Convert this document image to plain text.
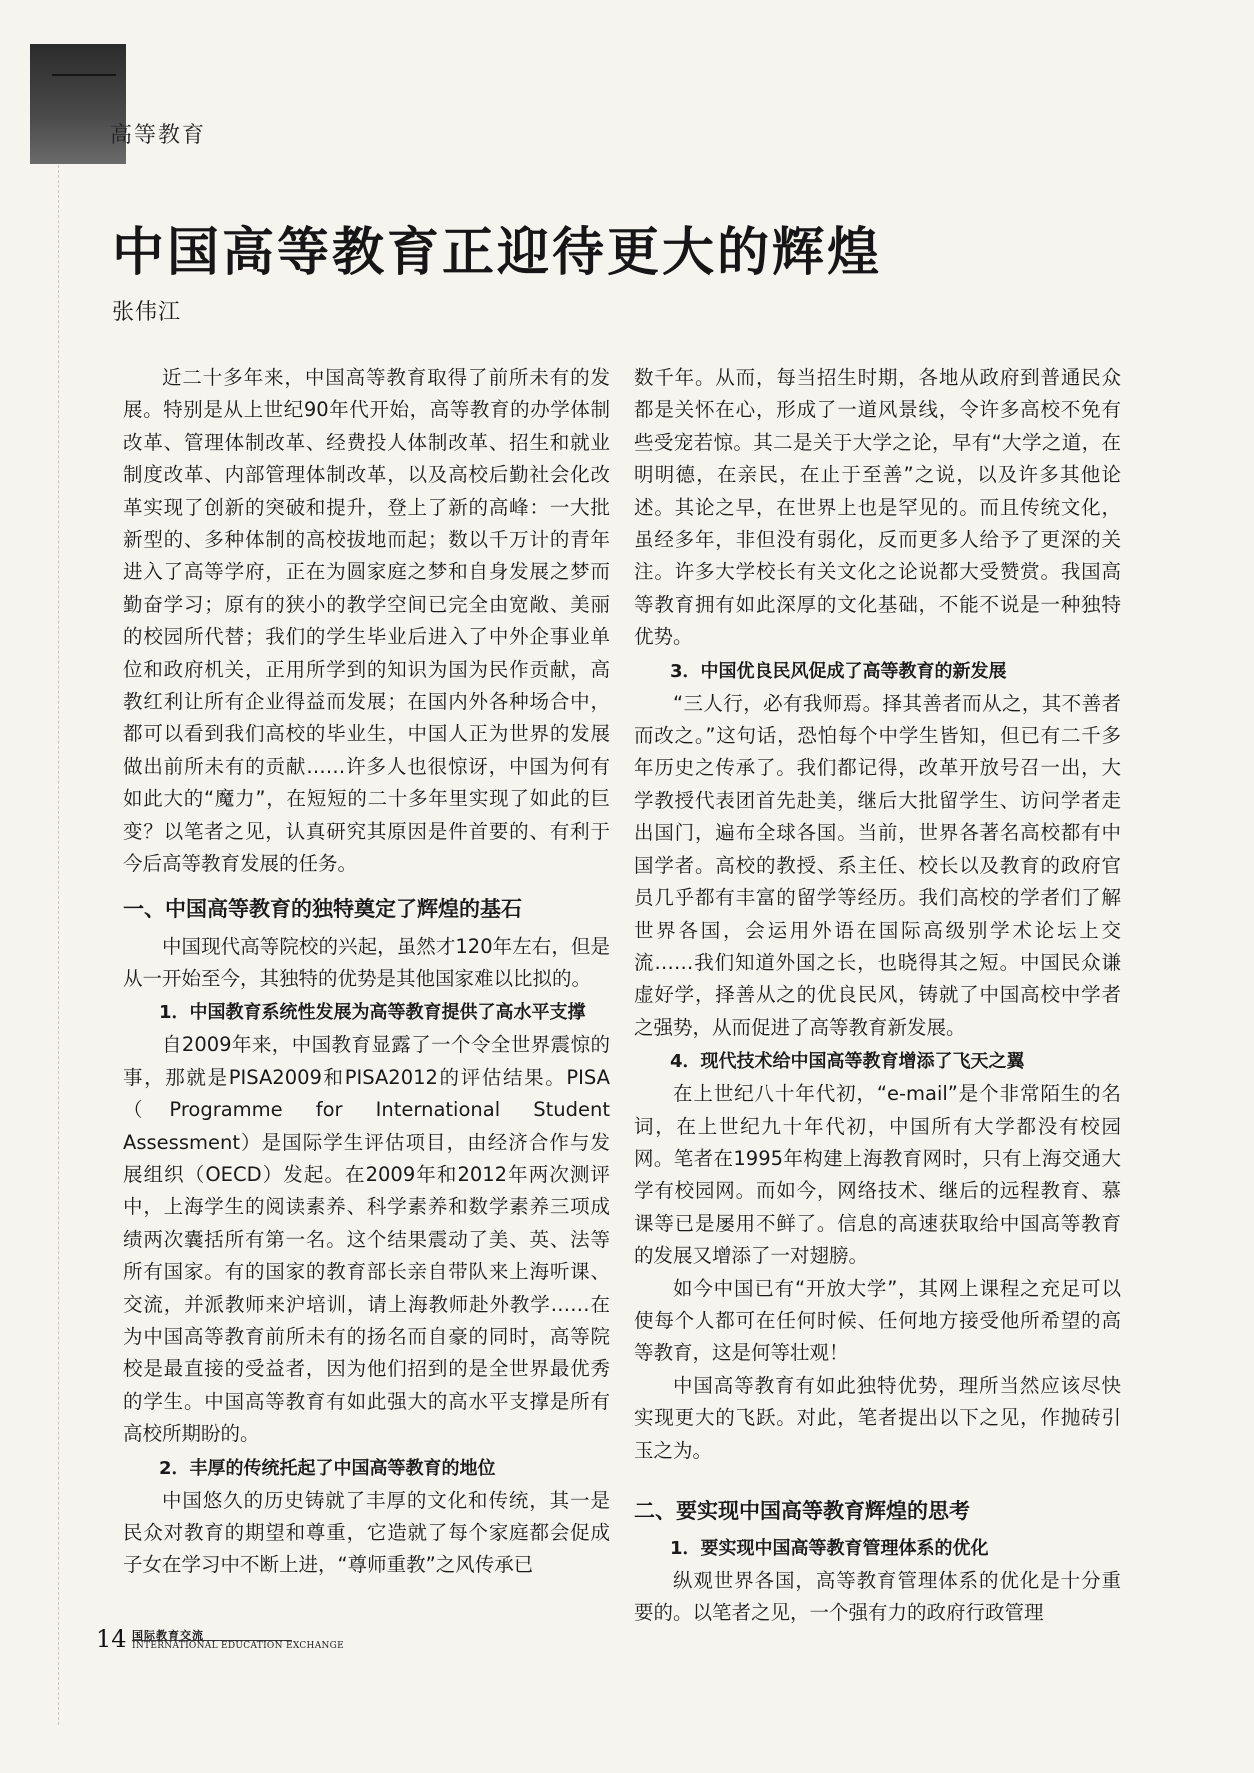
高等教育
中国高等教育正迎待更大的辉煌
张伟江

近二十多年来，中国高等教育取得了前所未有的发展。特别是从上世纪90年代开始，高等教育的办学体制改革、管理体制改革、经费投人体制改革、招生和就业制度改革、内部管理体制改革，以及高校后勤社会化改革实现了创新的突破和提升，登上了新的高峰：一大批新型的、多种体制的高校拔地而起；数以千万计的青年进入了高等学府，正在为圆家庭之梦和自身发展之梦而勤奋学习；原有的狭小的教学空间已完全由宽敞、美丽的校园所代替；我们的学生毕业后进入了中外企事业单位和政府机关，正用所学到的知识为国为民作贡献，高教红利让所有企业得益而发展；在国内外各种场合中，都可以看到我们高校的毕业生，中国人正为世界的发展做出前所未有的贡献……许多人也很惊讶，中国为何有如此大的“魔力”，在短短的二十多年里实现了如此的巨变？以笔者之见，认真研究其原因是件首要的、有利于今后高等教育发展的任务。

一、中国高等教育的独特奠定了辉煌的基石

中国现代高等院校的兴起，虽然才120年左右，但是从一开始至今，其独特的优势是其他国家难以比拟的。

1．中国教育系统性发展为高等教育提供了高水平支撑

自2009年来，中国教育显露了一个令全世界震惊的事，那就是PISA2009和PISA2012的评估结果。PISA（Programme for International Student Assessment）是国际学生评估项目，由经济合作与发展组织（OECD）发起。在2009年和2012年两次测评中，上海学生的阅读素养、科学素养和数学素养三项成绩两次囊括所有第一名。这个结果震动了美、英、法等所有国家。有的国家的教育部长亲自带队来上海听课、交流，并派教师来沪培训，请上海教师赴外教学……在为中国高等教育前所未有的扬名而自豪的同时，高等院校是最直接的受益者，因为他们招到的是全世界最优秀的学生。中国高等教育有如此强大的高水平支撑是所有高校所期盼的。

2．丰厚的传统托起了中国高等教育的地位

中国悠久的历史铸就了丰厚的文化和传统，其一是民众对教育的期望和尊重，它造就了每个家庭都会促成子女在学习中不断上进，“尊师重教”之风传承已

数千年。从而，每当招生时期，各地从政府到普通民众都是关怀在心，形成了一道风景线，令许多高校不免有些受宠若惊。其二是关于大学之论，早有“大学之道，在明明德，在亲民，在止于至善”之说，以及许多其他论述。其论之早，在世界上也是罕见的。而且传统文化，虽经多年，非但没有弱化，反而更多人给予了更深的关注。许多大学校长有关文化之论说都大受赞赏。我国高等教育拥有如此深厚的文化基础，不能不说是一种独特优势。

3．中国优良民风促成了高等教育的新发展

“三人行，必有我师焉。择其善者而从之，其不善者而改之。”这句话，恐怕每个中学生皆知，但已有二千多年历史之传承了。我们都记得，改革开放号召一出，大学教授代表团首先赴美，继后大批留学生、访问学者走出国门，遍布全球各国。当前，世界各著名高校都有中国学者。高校的教授、系主任、校长以及教育的政府官员几乎都有丰富的留学等经历。我们高校的学者们了解世界各国，会运用外语在国际高级别学术论坛上交流……我们知道外国之长，也晓得其之短。中国民众谦虚好学，择善从之的优良民风，铸就了中国高校中学者之强势，从而促进了高等教育新发展。

4．现代技术给中国高等教育增添了飞天之翼

在上世纪八十年代初，“e-mail”是个非常陌生的名词，在上世纪九十年代初，中国所有大学都没有校园网。笔者在1995年构建上海教育网时，只有上海交通大学有校园网。而如今，网络技术、继后的远程教育、慕课等已是屡用不鲜了。信息的高速获取给中国高等教育的发展又增添了一对翅膀。

如今中国已有“开放大学”，其网上课程之充足可以使每个人都可在任何时候、任何地方接受他所希望的高等教育，这是何等壮观！

中国高等教育有如此独特优势，理所当然应该尽快实现更大的飞跃。对此，笔者提出以下之见，作抛砖引玉之为。

二、要实现中国高等教育辉煌的思考
1．要实现中国高等教育管理体系的优化

纵观世界各国，高等教育管理体系的优化是十分重要的。以笔者之见，一个强有力的政府行政管理

14 国际教育交流
INTERNATIONAL EDUCATION EXCHANGE
